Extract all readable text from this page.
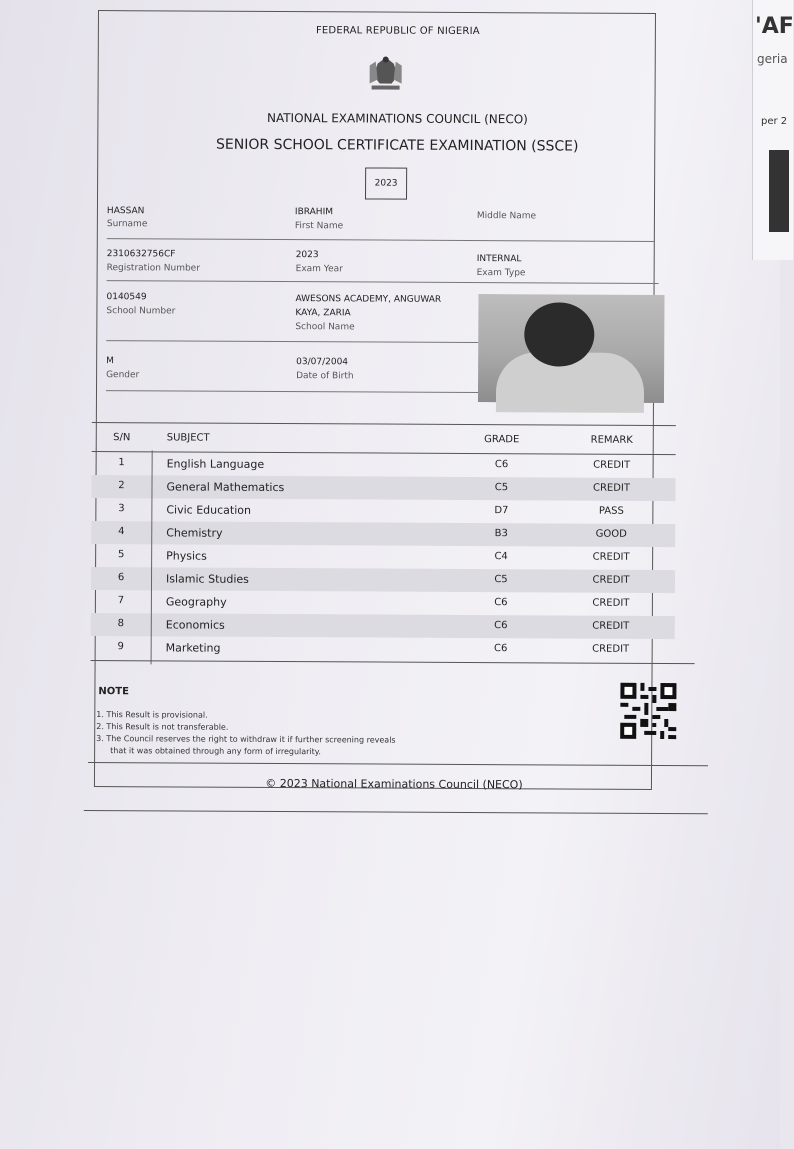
'AF
geria
per 2
FEDERAL REPUBLIC OF NIGERIA
NATIONAL EXAMINATIONS COUNCIL (NECO)
SENIOR SCHOOL CERTIFICATE EXAMINATION (SSCE)
2023
HASSAN
Surname
IBRAHIM
First Name
Middle Name
2310632756CF
Registration Number
2023
Exam Year
INTERNAL
Exam Type
0140549
School Number
AWESONS ACADEMY, ANGUWAR
KAYA, ZARIA
School Name
M
Gender
03/07/2004
Date of Birth
S/N	SUBJECT	GRADE	REMARK
1	English Language	C6	CREDIT
2	General Mathematics	C5	CREDIT
3	Civic Education	D7	PASS
4	Chemistry	B3	GOOD
5	Physics	C4	CREDIT
6	Islamic Studies	C5	CREDIT
7	Geography	C6	CREDIT
8	Economics	C6	CREDIT
9	Marketing	C6	CREDIT
NOTE
1. This Result is provisional.
2. This Result is not transferable.
3. The Council reserves the right to withdraw it if further screening reveals
that it was obtained through any form of irregularity.
© 2023 National Examinations Council (NECO)
